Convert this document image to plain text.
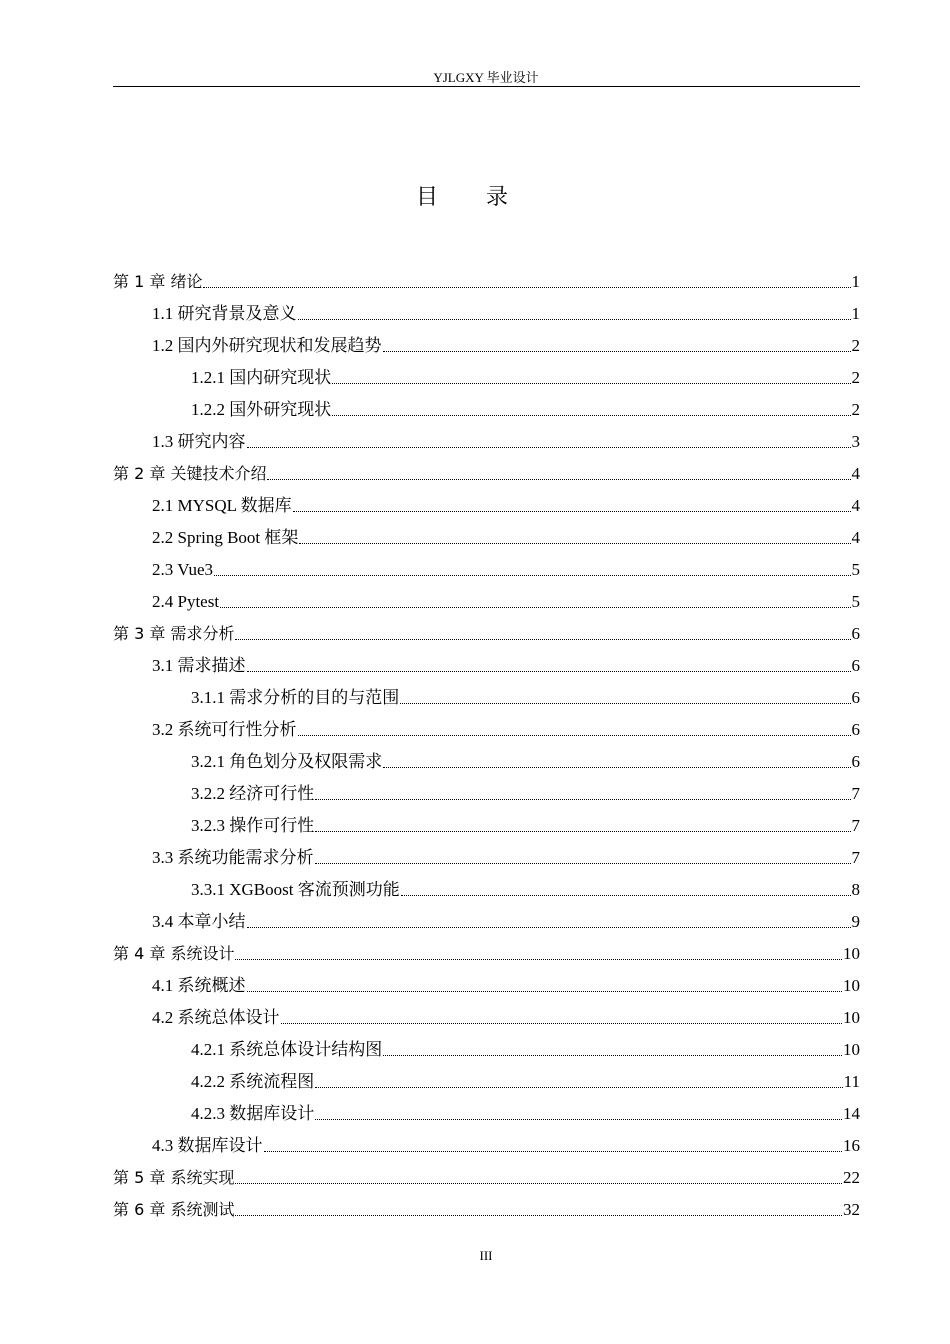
YJLGXY 毕业设计
目录
第 1 章 绪论	1
1.1 研究背景及意义	1
1.2 国内外研究现状和发展趋势	2
1.2.1 国内研究现状	2
1.2.2 国外研究现状	2
1.3 研究内容	3
第 2 章 关键技术介绍	4
2.1 MYSQL 数据库	4
2.2 Spring Boot 框架	4
2.3 Vue3	5
2.4 Pytest	5
第 3 章 需求分析	6
3.1 需求描述	6
3.1.1 需求分析的目的与范围	6
3.2 系统可行性分析	6
3.2.1 角色划分及权限需求	6
3.2.2 经济可行性	7
3.2.3 操作可行性	7
3.3 系统功能需求分析	7
3.3.1 XGBoost 客流预测功能	8
3.4 本章小结	9
第 4 章 系统设计	10
4.1 系统概述	10
4.2 系统总体设计	10
4.2.1 系统总体设计结构图	10
4.2.2 系统流程图	11
4.2.3 数据库设计	14
4.3 数据库设计	16
第 5 章 系统实现	22
第 6 章 系统测试	32
III
